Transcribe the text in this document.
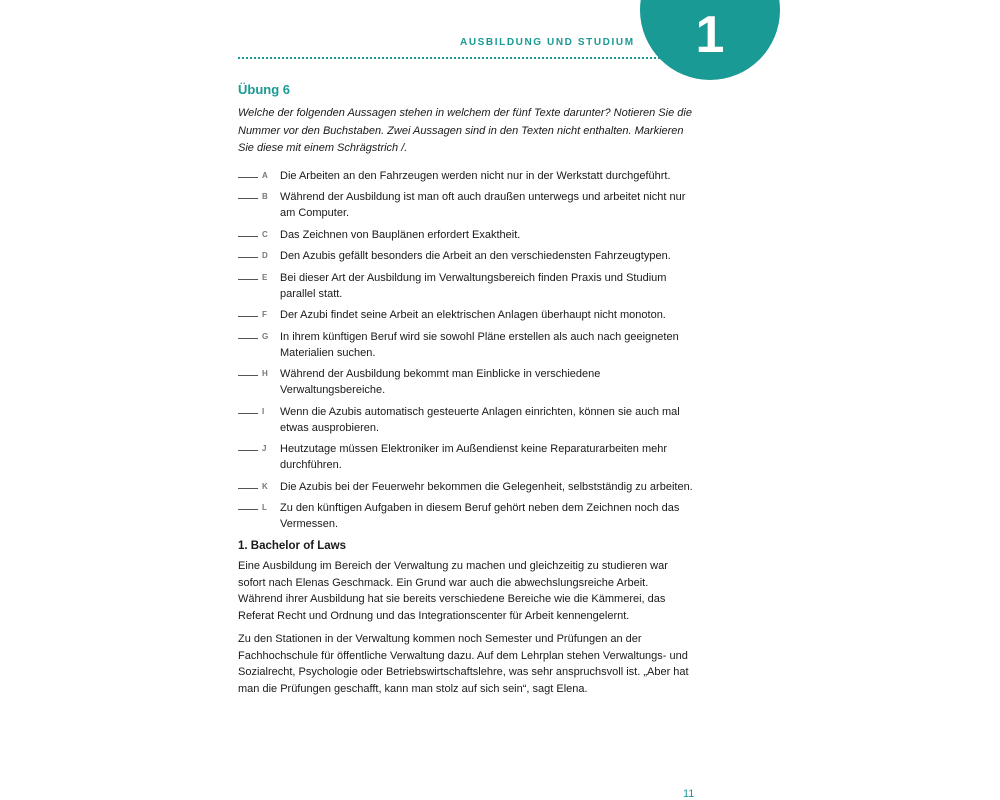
AUSBILDUNG UND STUDIUM	1
Übung 6

Welche der folgenden Aussagen stehen in welchem der fünf Texte darunter? Notieren Sie die Nummer vor den Buchstaben. Zwei Aussagen sind in den Texten nicht enthalten. Markieren Sie diese mit einem Schrägstrich /.

A	Die Arbeiten an den Fahrzeugen werden nicht nur in der Werkstatt durchgeführt.
B	Während der Ausbildung ist man oft auch draußen unterwegs und arbeitet nicht nur am Computer.
C	Das Zeichnen von Bauplänen erfordert Exaktheit.
D	Den Azubis gefällt besonders die Arbeit an den verschiedensten Fahrzeugtypen.
E	Bei dieser Art der Ausbildung im Verwaltungsbereich finden Praxis und Studium parallel statt.
F	Der Azubi findet seine Arbeit an elektrischen Anlagen überhaupt nicht monoton.
G	In ihrem künftigen Beruf wird sie sowohl Pläne erstellen als auch nach geeigneten Materialien suchen.
H	Während der Ausbildung bekommt man Einblicke in verschiedene Verwaltungsbereiche.
I	Wenn die Azubis automatisch gesteuerte Anlagen einrichten, können sie auch mal etwas ausprobieren.
J	Heutzutage müssen Elektroniker im Außendienst keine Reparaturarbeiten mehr durchführen.
K	Die Azubis bei der Feuerwehr bekommen die Gelegenheit, selbstständig zu arbeiten.
L	Zu den künftigen Aufgaben in diesem Beruf gehört neben dem Zeichnen noch das Vermessen.
1. Bachelor of Laws

Eine Ausbildung im Bereich der Verwaltung zu machen und gleichzeitig zu studieren war sofort nach Elenas Geschmack. Ein Grund war auch die abwechslungsreiche Arbeit. Während ihrer Ausbildung hat sie bereits verschiedene Bereiche wie die Kämmerei, das Referat Recht und Ordnung und das Integrationscenter für Arbeit kennengelernt.

Zu den Stationen in der Verwaltung kommen noch Semester und Prüfungen an der Fachhochschule für öffentliche Verwaltung dazu. Auf dem Lehrplan stehen Verwaltungs- und Sozialrecht, Psychologie oder Betriebswirtschaftslehre, was sehr anspruchsvoll ist. „Aber hat man die Prüfungen geschafft, kann man stolz auf sich sein“, sagt Elena.

11
